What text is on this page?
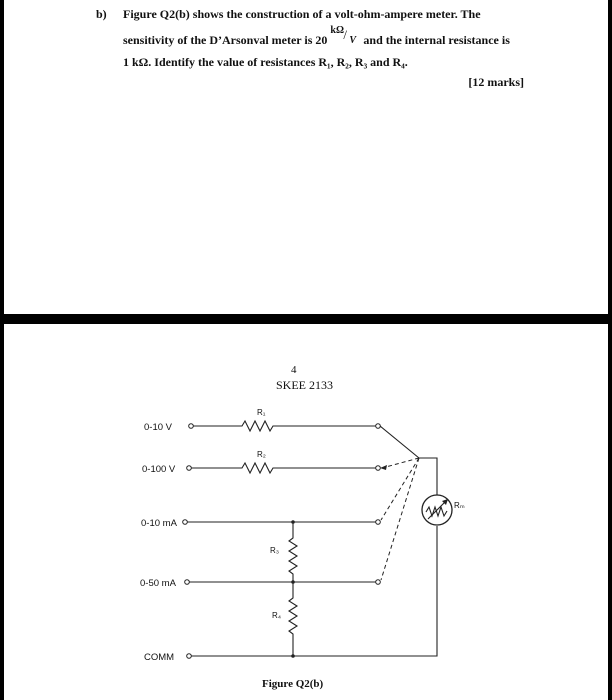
b) Figure Q2(b) shows the construction of a volt-ohm-ampere meter. The
sensitivity of the D’Arsonval meter is 20
kΩ / V and the internal resistance is
1 kΩ. Identify the value of resistances R₁, R₂, R₃ and R₄.
[12 marks]
4
SKEE 2133
0-10 V
0-100 V
0-10 mA
0-50 mA
COMM
R₁
R₂
R₃
R₄
Rₘ
Figure Q2(b)
